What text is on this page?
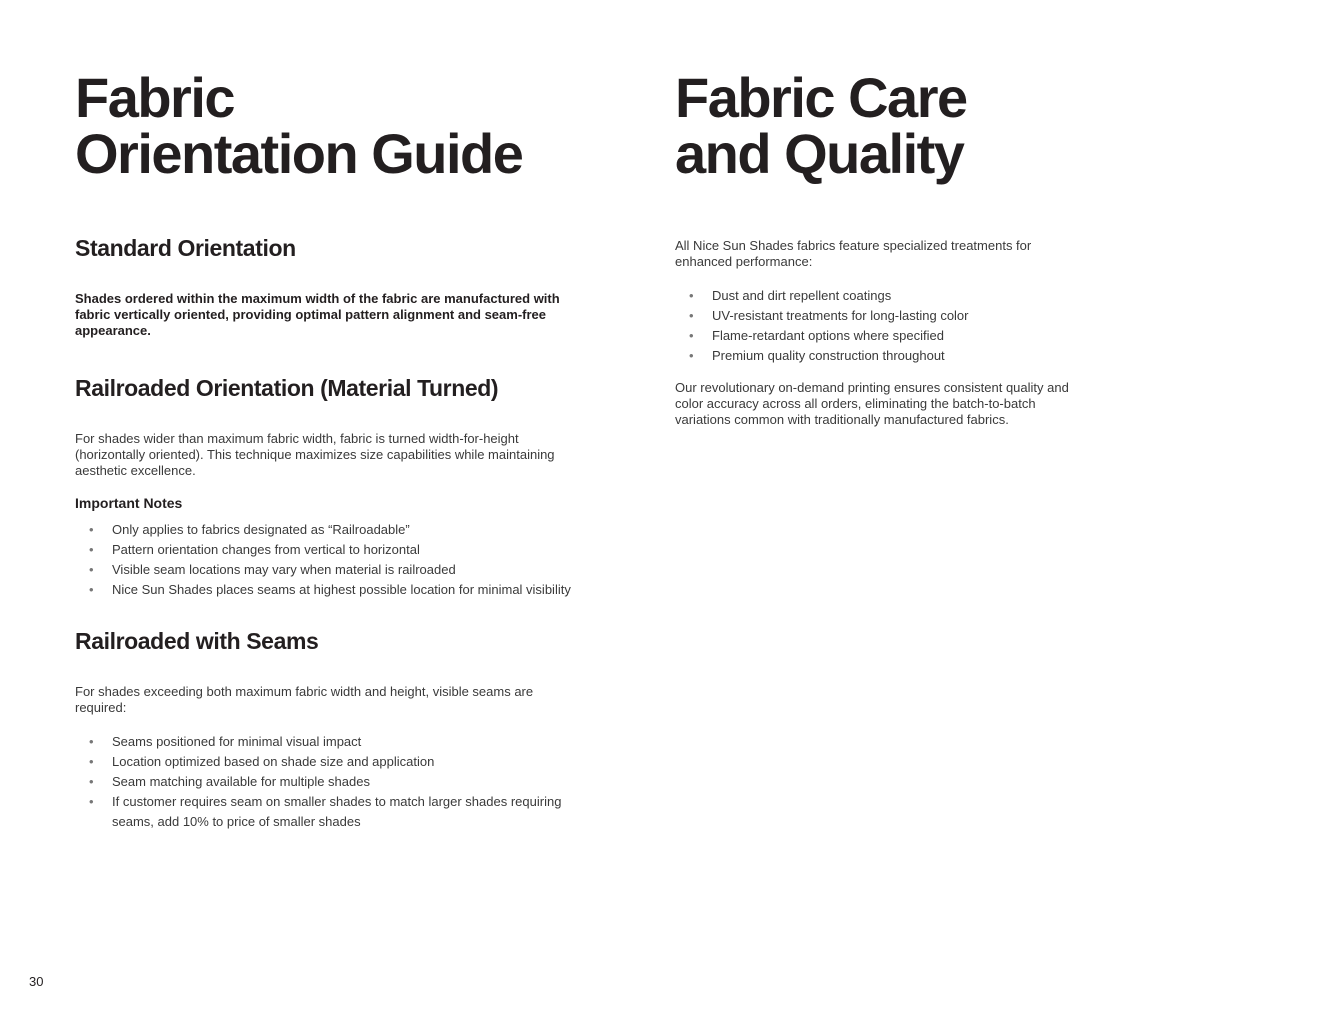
Fabric
Orientation Guide
Standard Orientation

Shades ordered within the maximum width of the fabric are manufactured with fabric vertically oriented, providing optimal pattern alignment and seam-free appearance.

Railroaded Orientation (Material Turned)

For shades wider than maximum fabric width, fabric is turned width-for-height (horizontally oriented). This technique maximizes size capabilities while maintaining aesthetic excellence.

Important Notes
• Only applies to fabrics designated as “Railroadable”
• Pattern orientation changes from vertical to horizontal
• Visible seam locations may vary when material is railroaded
• Nice Sun Shades places seams at highest possible location for minimal visibility
Railroaded with Seams

For shades exceeding both maximum fabric width and height, visible seams are required:

• Seams positioned for minimal visual impact
• Location optimized based on shade size and application
• Seam matching available for multiple shades
• If customer requires seam on smaller shades to match larger shades requiring seams, add 10% to price of smaller shades
Fabric Care
and Quality

All Nice Sun Shades fabrics feature specialized treatments for enhanced performance:

• Dust and dirt repellent coatings
• UV-resistant treatments for long-lasting color
• Flame-retardant options where specified
• Premium quality construction throughout

Our revolutionary on-demand printing ensures consistent quality and color accuracy across all orders, eliminating the batch-to-batch variations common with traditionally manufactured fabrics.

30
